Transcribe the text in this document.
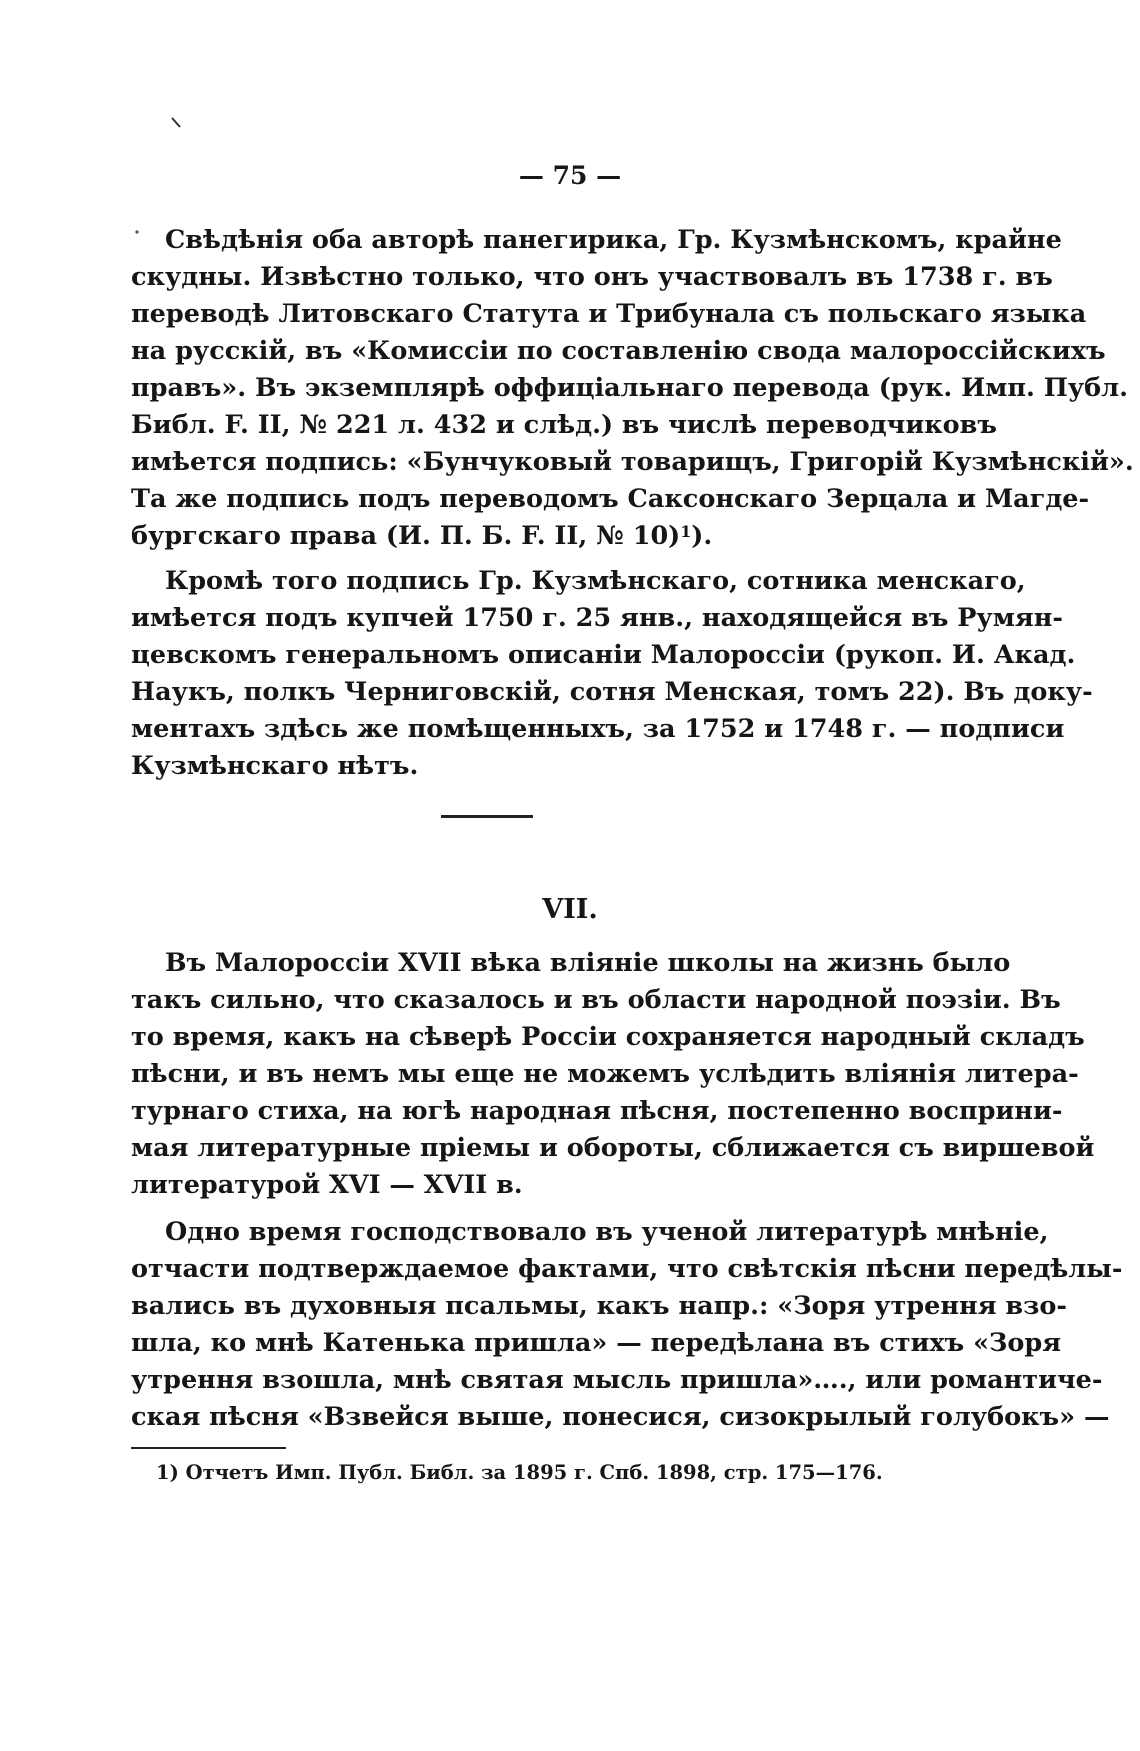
— 75 —

Свѣдѣнія оба авторѣ панегирика, Гр. Кузмѣнскомъ, крайне

скудны. Извѣстно только, что онъ участвовалъ въ 1738 г. въ

переводѣ Литовскаго Статута и Трибунала съ польскаго языка

на русскій, въ «Комиссіи по составленію свода малороссійскихъ

правъ». Въ экземплярѣ оффиціальнаго перевода (рук. Имп. Публ.

Библ. F. II, № 221 л. 432 и слѣд.) въ числѣ переводчиковъ

имѣется подпись: «Бунчуковый товарищъ, Григорій Кузмѣнскій».

Та же подпись подъ переводомъ Саксонскаго Зерцала и Магде-

бургскаго права (И. П. Б. F. II, № 10)$^1$).

Кромѣ того подпись Гр. Кузмѣнскаго, сотника менскаго,

имѣется подъ купчей 1750 г. 25 янв., находящейся въ Румян-

цевскомъ генеральномъ описаніи Малороссіи (рукоп. И. Акад.

Наукъ, полкъ Черниговскій, сотня Менская, томъ 22). Въ доку-

ментахъ здѣсь же помѣщенныхъ, за 1752 и 1748 г. — подписи

Кузмѣнскаго нѣтъ.

VII.

Въ Малороссіи XVII вѣка вліяніе школы на жизнь было

такъ сильно, что сказалось и въ области народной поэзіи. Въ

то время, какъ на сѣверѣ Россіи сохраняется народный складъ

пѣсни, и въ немъ мы еще не можемъ услѣдить вліянія литера-

турнаго стиха, на югѣ народная пѣсня, постепенно восприни-

мая литературные пріемы и обороты, сближается съ виршевой

литературой XVI — XVII в.

Одно время господствовало въ ученой литературѣ мнѣніе,

отчасти подтверждаемое фактами, что свѣтскія пѣсни передѣлы-

вались въ духовныя псальмы, какъ напр.: «Зоря утрення взо-

шла, ко мнѣ Катенька пришла» — передѣлана въ стихъ «Зоря

утрення взошла, мнѣ святая мысль пришла»…., или романтиче-

ская пѣсня «Взвейся выше, понесися, сизокрылый голубокъ» —

1) Отчетъ Имп. Публ. Библ. за 1895 г. Спб. 1898, стр. 175—176.
